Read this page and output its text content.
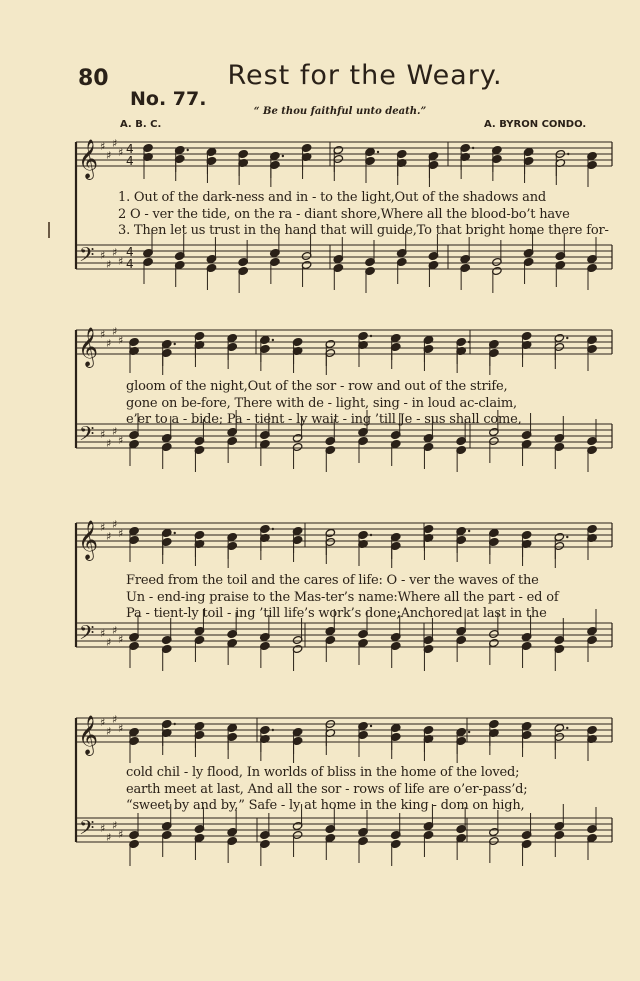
80	Rest for the Weary.
No. 77.
“ Be thou faithful unto death.”
A. B. C.	A. BYRON CONDO.
𝄞
𝄢
♯
♯
♯
♯
♯
♯
♯
♯
4
4
4
4
𝄞
𝄢
♯
♯
♯
♯
♯
♯
♯
♯
𝄞
𝄢
♯
♯
♯
♯
♯
♯
♯
♯
𝄞
𝄢
♯
♯
♯
♯
♯
♯
♯
♯
1. Out of the dark-ness and in - to the light,Out of the shadows and
2 O - ver the tide, on the ra - diant shore,Where all the blood-bo’t have
3. Then let us trust in the hand that will guide,To that bright home there for-
gloom of the night,Out of the sor - row and out of the strife,
gone on be-fore, There with de - light, sing - in loud ac-claim,
e’er to a - bide; Pa - tient - ly wait - ing ’till Je - sus shall come,
Freed from the toil and the cares of life: O - ver the waves of the
Un - end-ing praise to the Mas-ter’s name:Where all the part - ed of
Pa - tient-ly toil - ing ’till life’s work’s done;Anchored at last in the
cold chil - ly flood, In worlds of bliss in the home of the loved;
earth meet at last, And all the sor - rows of life are o’er-pass’d;
“sweet by and by,” Safe - ly at home in the king - dom on high,
